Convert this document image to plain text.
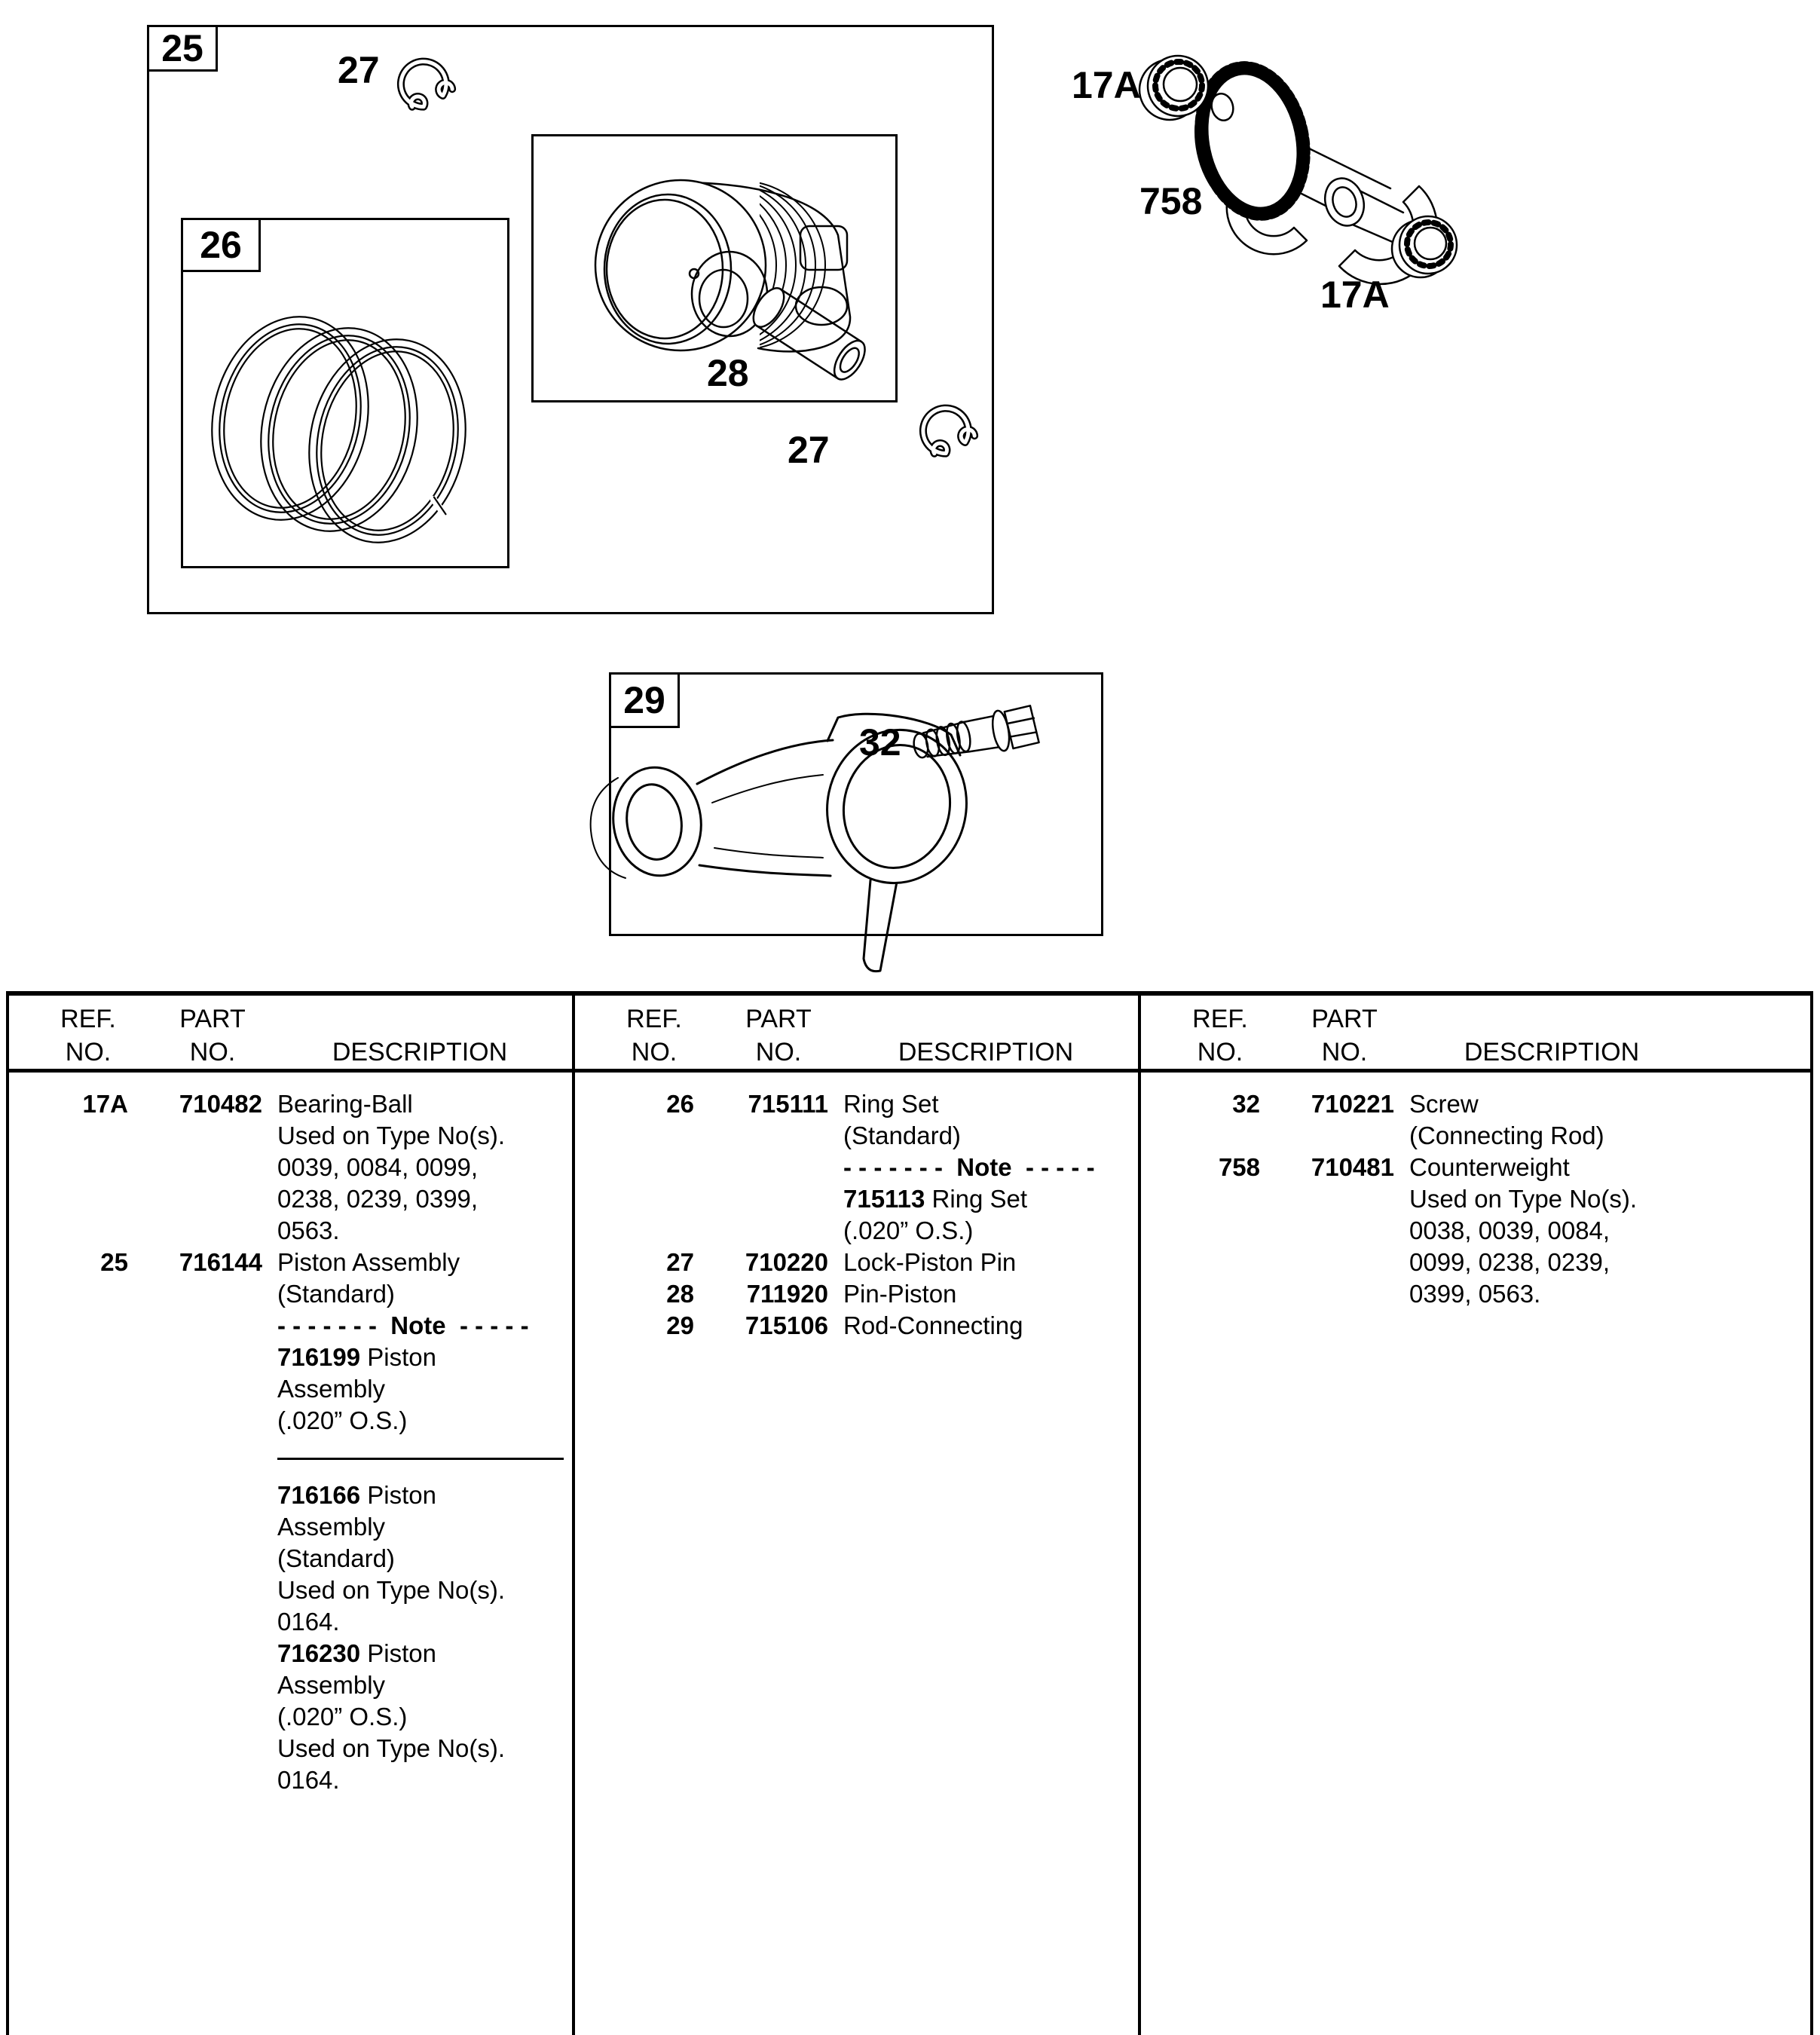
25
26
29
27
28
27
32
17A
758
17A
REF.
NO.
PART
NO.	DESCRIPTION
17A	710482 Bearing-Ball
Used on Type No(s).
0039, 0084, 0099,
0238, 0239, 0399,
0563.
25	716144 Piston Assembly
(Standard)
- - - - - - -  Note  - - - - -
716199 Piston
Assembly
(.020” O.S.)
716166 Piston
Assembly
(Standard)
Used on Type No(s).
0164.
716230 Piston
Assembly
(.020” O.S.)
Used on Type No(s).
0164.
REF.
NO.
PART
NO.	DESCRIPTION
26	715111 Ring Set
(Standard)
- - - - - - -  Note  - - - - -
715113 Ring Set
(.020” O.S.)
27	710220 Lock-Piston Pin
28	711920 Pin-Piston
29	715106 Rod-Connecting
REF.
NO.
PART
NO.	DESCRIPTION
32	710221 Screw
(Connecting Rod)
758	710481 Counterweight
Used on Type No(s).
0038, 0039, 0084,
0099, 0238, 0239,
0399, 0563.
